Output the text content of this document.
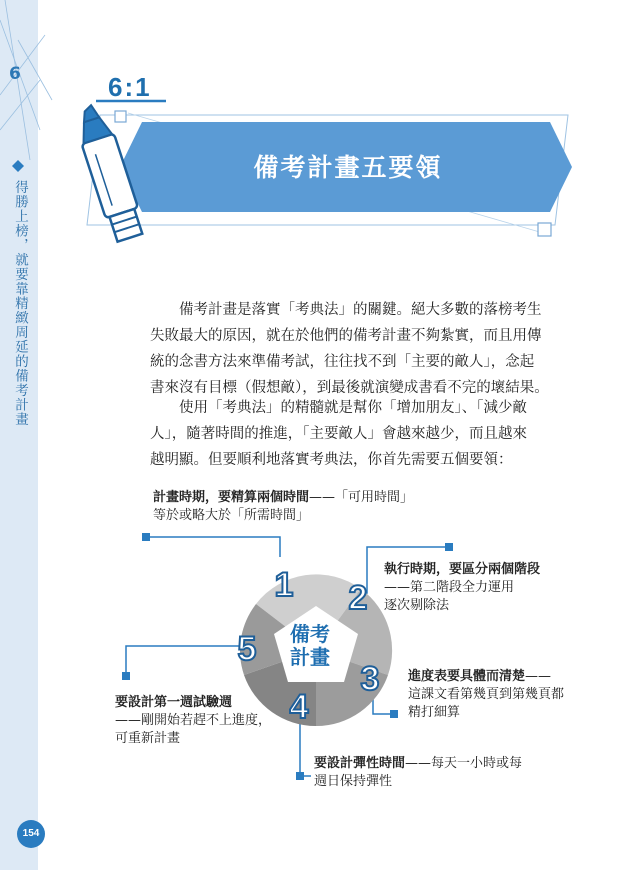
6
得勝上榜，就要靠精緻周延的備考計畫
154
6:1
備考計畫五要領

備考計畫是落實「考典法」的關鍵。絕大多數的落榜考生
失敗最大的原因，就在於他們的備考計畫不夠紮實，而且用傳
統的念書方法來準備考試，往往找不到「主要的敵人」，念起
書來沒有目標（假想敵），到最後就演變成書看不完的壞結果。

使用「考典法」的精髓就是幫你「增加朋友」、「減少敵
人」，隨著時間的推進，「主要敵人」會越來越少，而且越來
越明顯。但要順利地落實考典法，你首先需要五個要領：

1 2
3
4
5	備考
計畫
計畫時期，要精算兩個時間——「可用時間」
等於或略大於「所需時間」
執行時期，要區分兩個階段
——第二階段全力運用
逐次剔除法
進度表要具體而清楚——
這課文看第幾頁到第幾頁都
精打細算
要設計彈性時間——每天一小時或每
週日保持彈性
要設計第一週試驗週
——剛開始若趕不上進度，
可重新計畫
